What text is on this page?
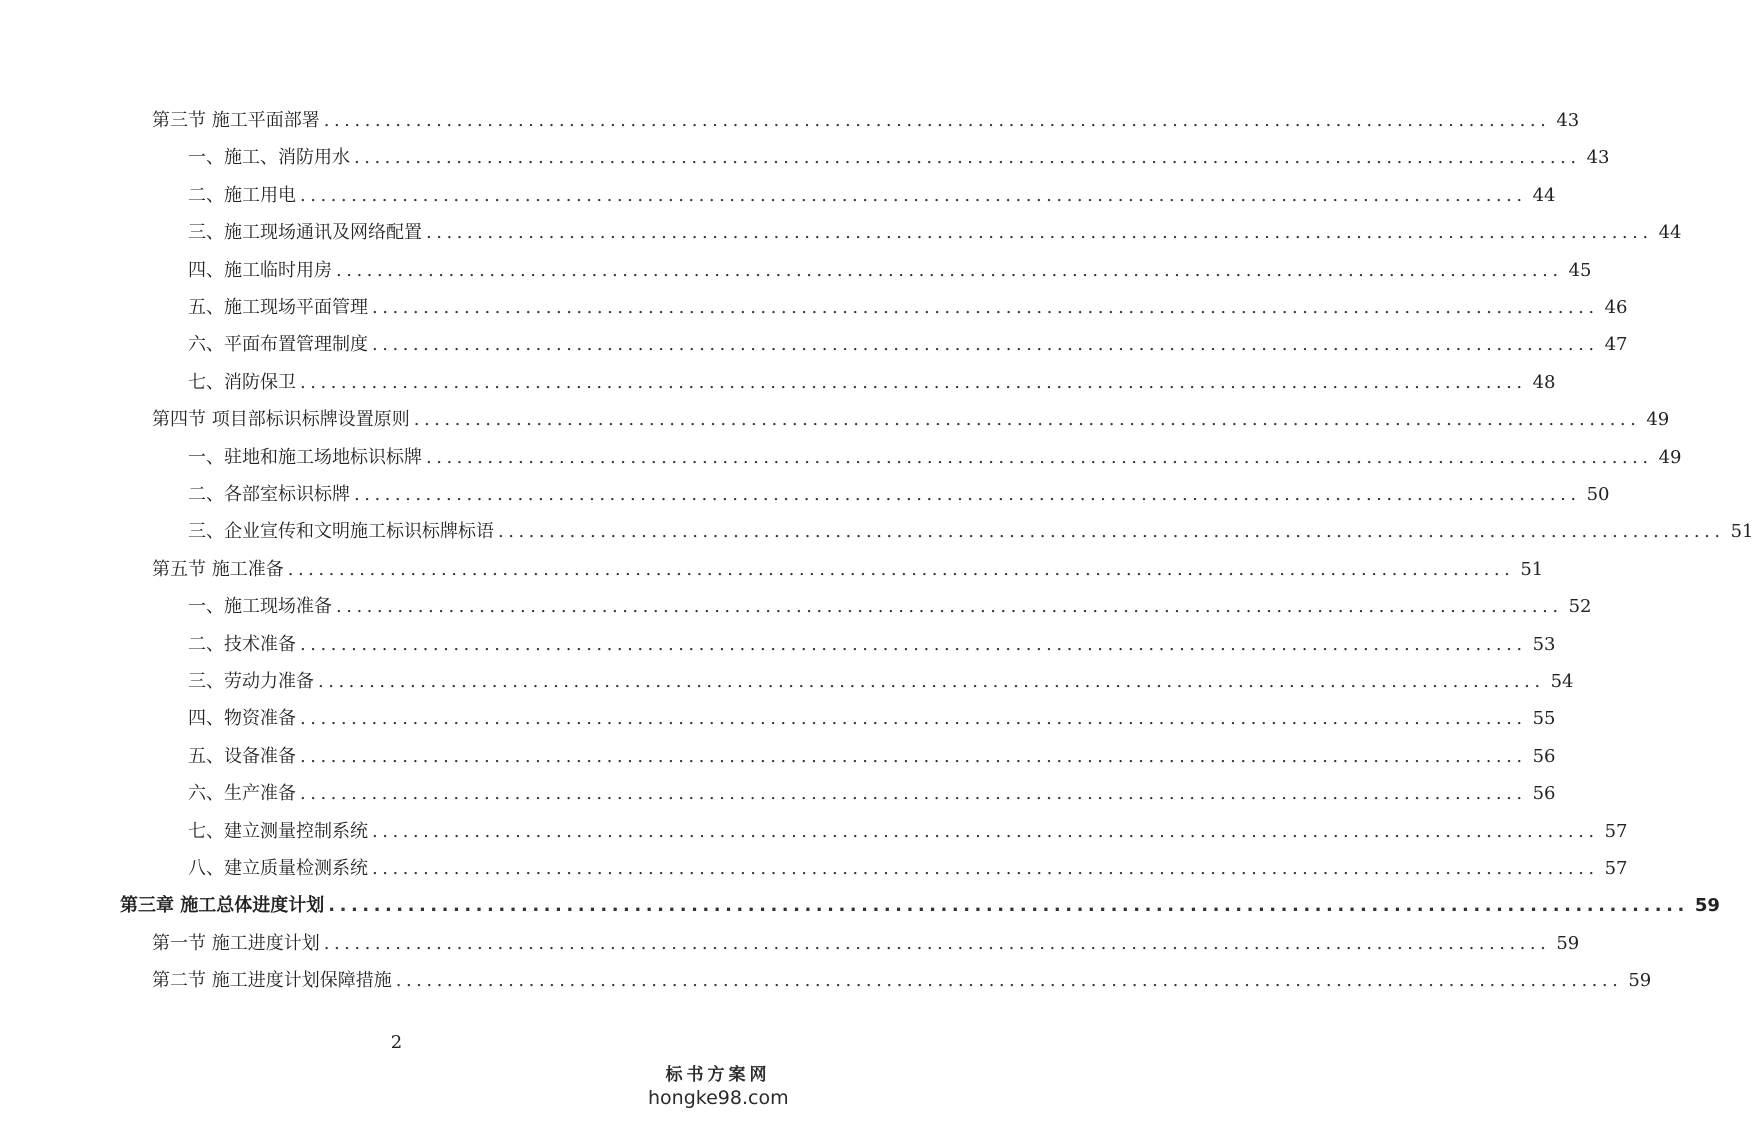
第三节 施工平面部署 ........................................................................................................................ 43
一、施工、消防用水 ........................................................................................................................ 43
二、施工用电 ........................................................................................................................ 44
三、施工现场通讯及网络配置 ........................................................................................................................ 44
四、施工临时用房 ........................................................................................................................ 45
五、施工现场平面管理 ........................................................................................................................ 46
六、平面布置管理制度 ........................................................................................................................ 47
七、消防保卫 ........................................................................................................................ 48
第四节 项目部标识标牌设置原则 ........................................................................................................................ 49
一、驻地和施工场地标识标牌 ........................................................................................................................ 49
二、各部室标识标牌 ........................................................................................................................ 50
三、企业宣传和文明施工标识标牌标语 ........................................................................................................................ 51
第五节 施工准备 ........................................................................................................................ 51
一、施工现场准备 ........................................................................................................................ 52
二、技术准备 ........................................................................................................................ 53
三、劳动力准备 ........................................................................................................................ 54
四、物资准备 ........................................................................................................................ 55
五、设备准备 ........................................................................................................................ 56
六、生产准备 ........................................................................................................................ 56
七、建立测量控制系统 ........................................................................................................................ 57
八、建立质量检测系统 ........................................................................................................................ 57
第三章 施工总体进度计划 ........................................................................................................................ 59
第一节 施工进度计划 ........................................................................................................................ 59
第二节 施工进度计划保障措施 ........................................................................................................................ 59
2
标书方案网
hongke98.com
